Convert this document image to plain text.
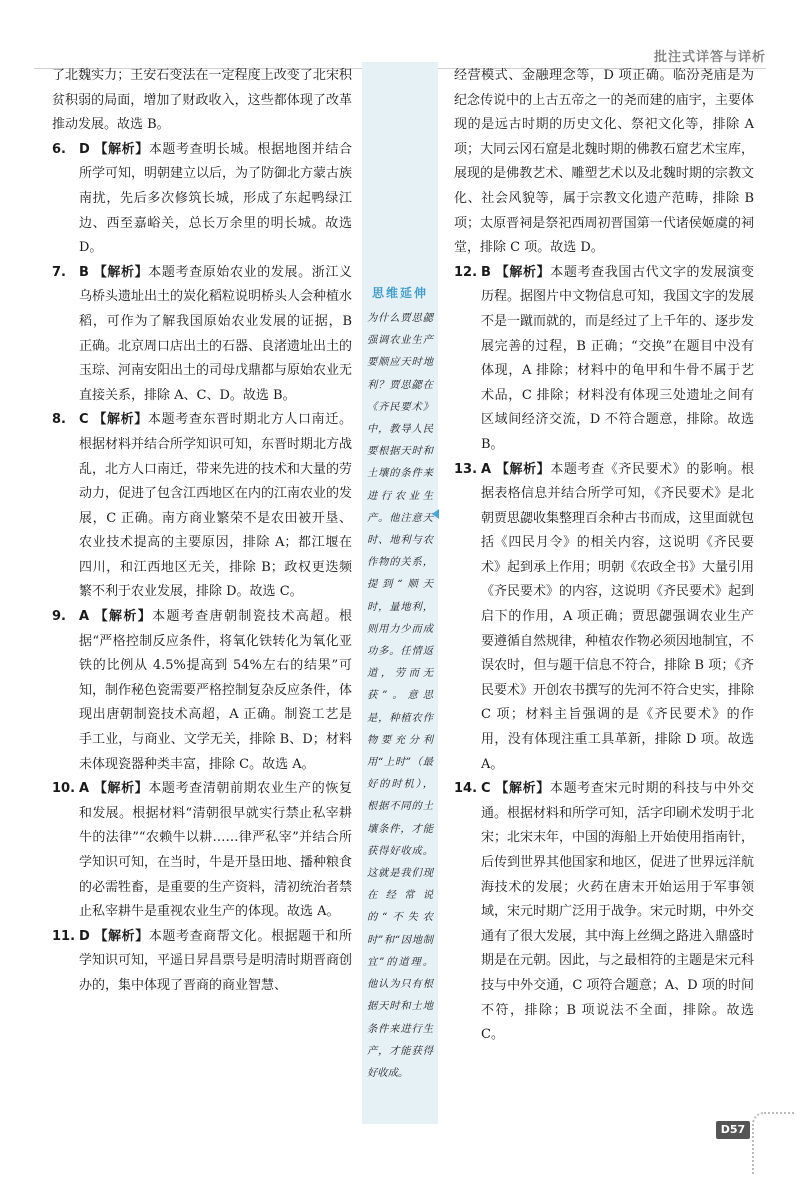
批注式详答与详析

了北魏实力；王安石变法在一定程度上改变了北宋积贫积弱的局面，增加了财政收入，这些都体现了改革推动发展。故选 B。

6. D 【解析】本题考查明长城。根据地图并结合所学可知，明朝建立以后，为了防御北方蒙古族南扰，先后多次修筑长城，形成了东起鸭绿江边、西至嘉峪关，总长万余里的明长城。故选 D。

7. B 【解析】本题考查原始农业的发展。浙江义乌桥头遗址出土的炭化稻粒说明桥头人会种植水稻，可作为了解我国原始农业发展的证据，B 正确。北京周口店出土的石器、良渚遗址出土的玉琮、河南安阳出土的司母戊鼎都与原始农业无直接关系，排除 A、C、D。故选 B。

8. C 【解析】本题考查东晋时期北方人口南迁。根据材料并结合所学知识可知，东晋时期北方战乱，北方人口南迁，带来先进的技术和大量的劳动力，促进了包含江西地区在内的江南农业的发展，C 正确。南方商业繁荣不是农田被开垦、农业技术提高的主要原因，排除 A；都江堰在四川，和江西地区无关，排除 B；政权更迭频繁不利于农业发展，排除 D。故选 C。

9. A 【解析】本题考查唐朝制瓷技术高超。根据“严格控制反应条件，将氧化铁转化为氧化亚铁的比例从 4.5%提高到 54%左右的结果”可知，制作秘色瓷需要严格控制复杂反应条件，体现出唐朝制瓷技术高超，A 正确。制瓷工艺是手工业，与商业、文学无关，排除 B、D；材料未体现瓷器种类丰富，排除 C。故选 A。

10. A 【解析】本题考查清朝前期农业生产的恢复和发展。根据材料“清朝很早就实行禁止私宰耕牛的法律”“农赖牛以耕……律严私宰”并结合所学知识可知，在当时，牛是开垦田地、播种粮食的必需牲畜，是重要的生产资料，清初统治者禁止私宰耕牛是重视农业生产的体现。故选 A。

11. D 【解析】本题考查商帮文化。根据题干和所学知识可知，平遥日昇昌票号是明清时期晋商创办的，集中体现了晋商的商业智慧、

思维延伸
为什么贾思勰强调农业生产要顺应天时地利？贾思勰在《齐民要术》中，教导人民要根据天时和土壤的条件来进行农业生产。他注意天时、地利与农作物的关系，提到“顺天时，量地利，则用力少而成功多。任情返道，劳而无获”。意思是，种植农作物要充分利用“上时”（最好的时机），根据不同的土壤条件，才能获得好收成。这就是我们现在经常说的“不失农时”和“因地制宜”的道理。他认为只有根据天时和土地条件来进行生产，才能获得好收成。

经营模式、金融理念等，D 项正确。临汾尧庙是为纪念传说中的上古五帝之一的尧而建的庙宇，主要体现的是远古时期的历史文化、祭祀文化等，排除 A 项；大同云冈石窟是北魏时期的佛教石窟艺术宝库，展现的是佛教艺术、雕塑艺术以及北魏时期的宗教文化、社会风貌等，属于宗教文化遗产范畴，排除 B 项；太原晋祠是祭祀西周初晋国第一代诸侯姬虞的祠堂，排除 C 项。故选 D。

12. B 【解析】本题考查我国古代文字的发展演变历程。据图片中文物信息可知，我国文字的发展不是一蹴而就的，而是经过了上千年的、逐步发展完善的过程，B 正确；“交换”在题目中没有体现，A 排除；材料中的龟甲和牛骨不属于艺术品，C 排除；材料没有体现三处遗址之间有区域间经济交流，D 不符合题意，排除。故选 B。

13. A 【解析】本题考查《齐民要术》的影响。根据表格信息并结合所学可知，《齐民要术》是北朝贾思勰收集整理百余种古书而成，这里面就包括《四民月令》的相关内容，这说明《齐民要术》起到承上作用；明朝《农政全书》大量引用《齐民要术》的内容，这说明《齐民要术》起到启下的作用，A 项正确；贾思勰强调农业生产要遵循自然规律，种植农作物必须因地制宜，不误农时，但与题干信息不符合，排除 B 项；《齐民要术》开创农书撰写的先河不符合史实，排除 C 项；材料主旨强调的是《齐民要术》的作用，没有体现注重工具革新，排除 D 项。故选 A。

14. C 【解析】本题考查宋元时期的科技与中外交通。根据材料和所学可知，活字印刷术发明于北宋；北宋末年，中国的海船上开始使用指南针，后传到世界其他国家和地区，促进了世界远洋航海技术的发展；火药在唐末开始运用于军事领域，宋元时期广泛用于战争。宋元时期，中外交通有了很大发展，其中海上丝绸之路进入鼎盛时期是在元朝。因此，与之最相符的主题是宋元科技与中外交通，C 项符合题意；A、D 项的时间不符，排除；B 项说法不全面，排除。故选 C。

D57
